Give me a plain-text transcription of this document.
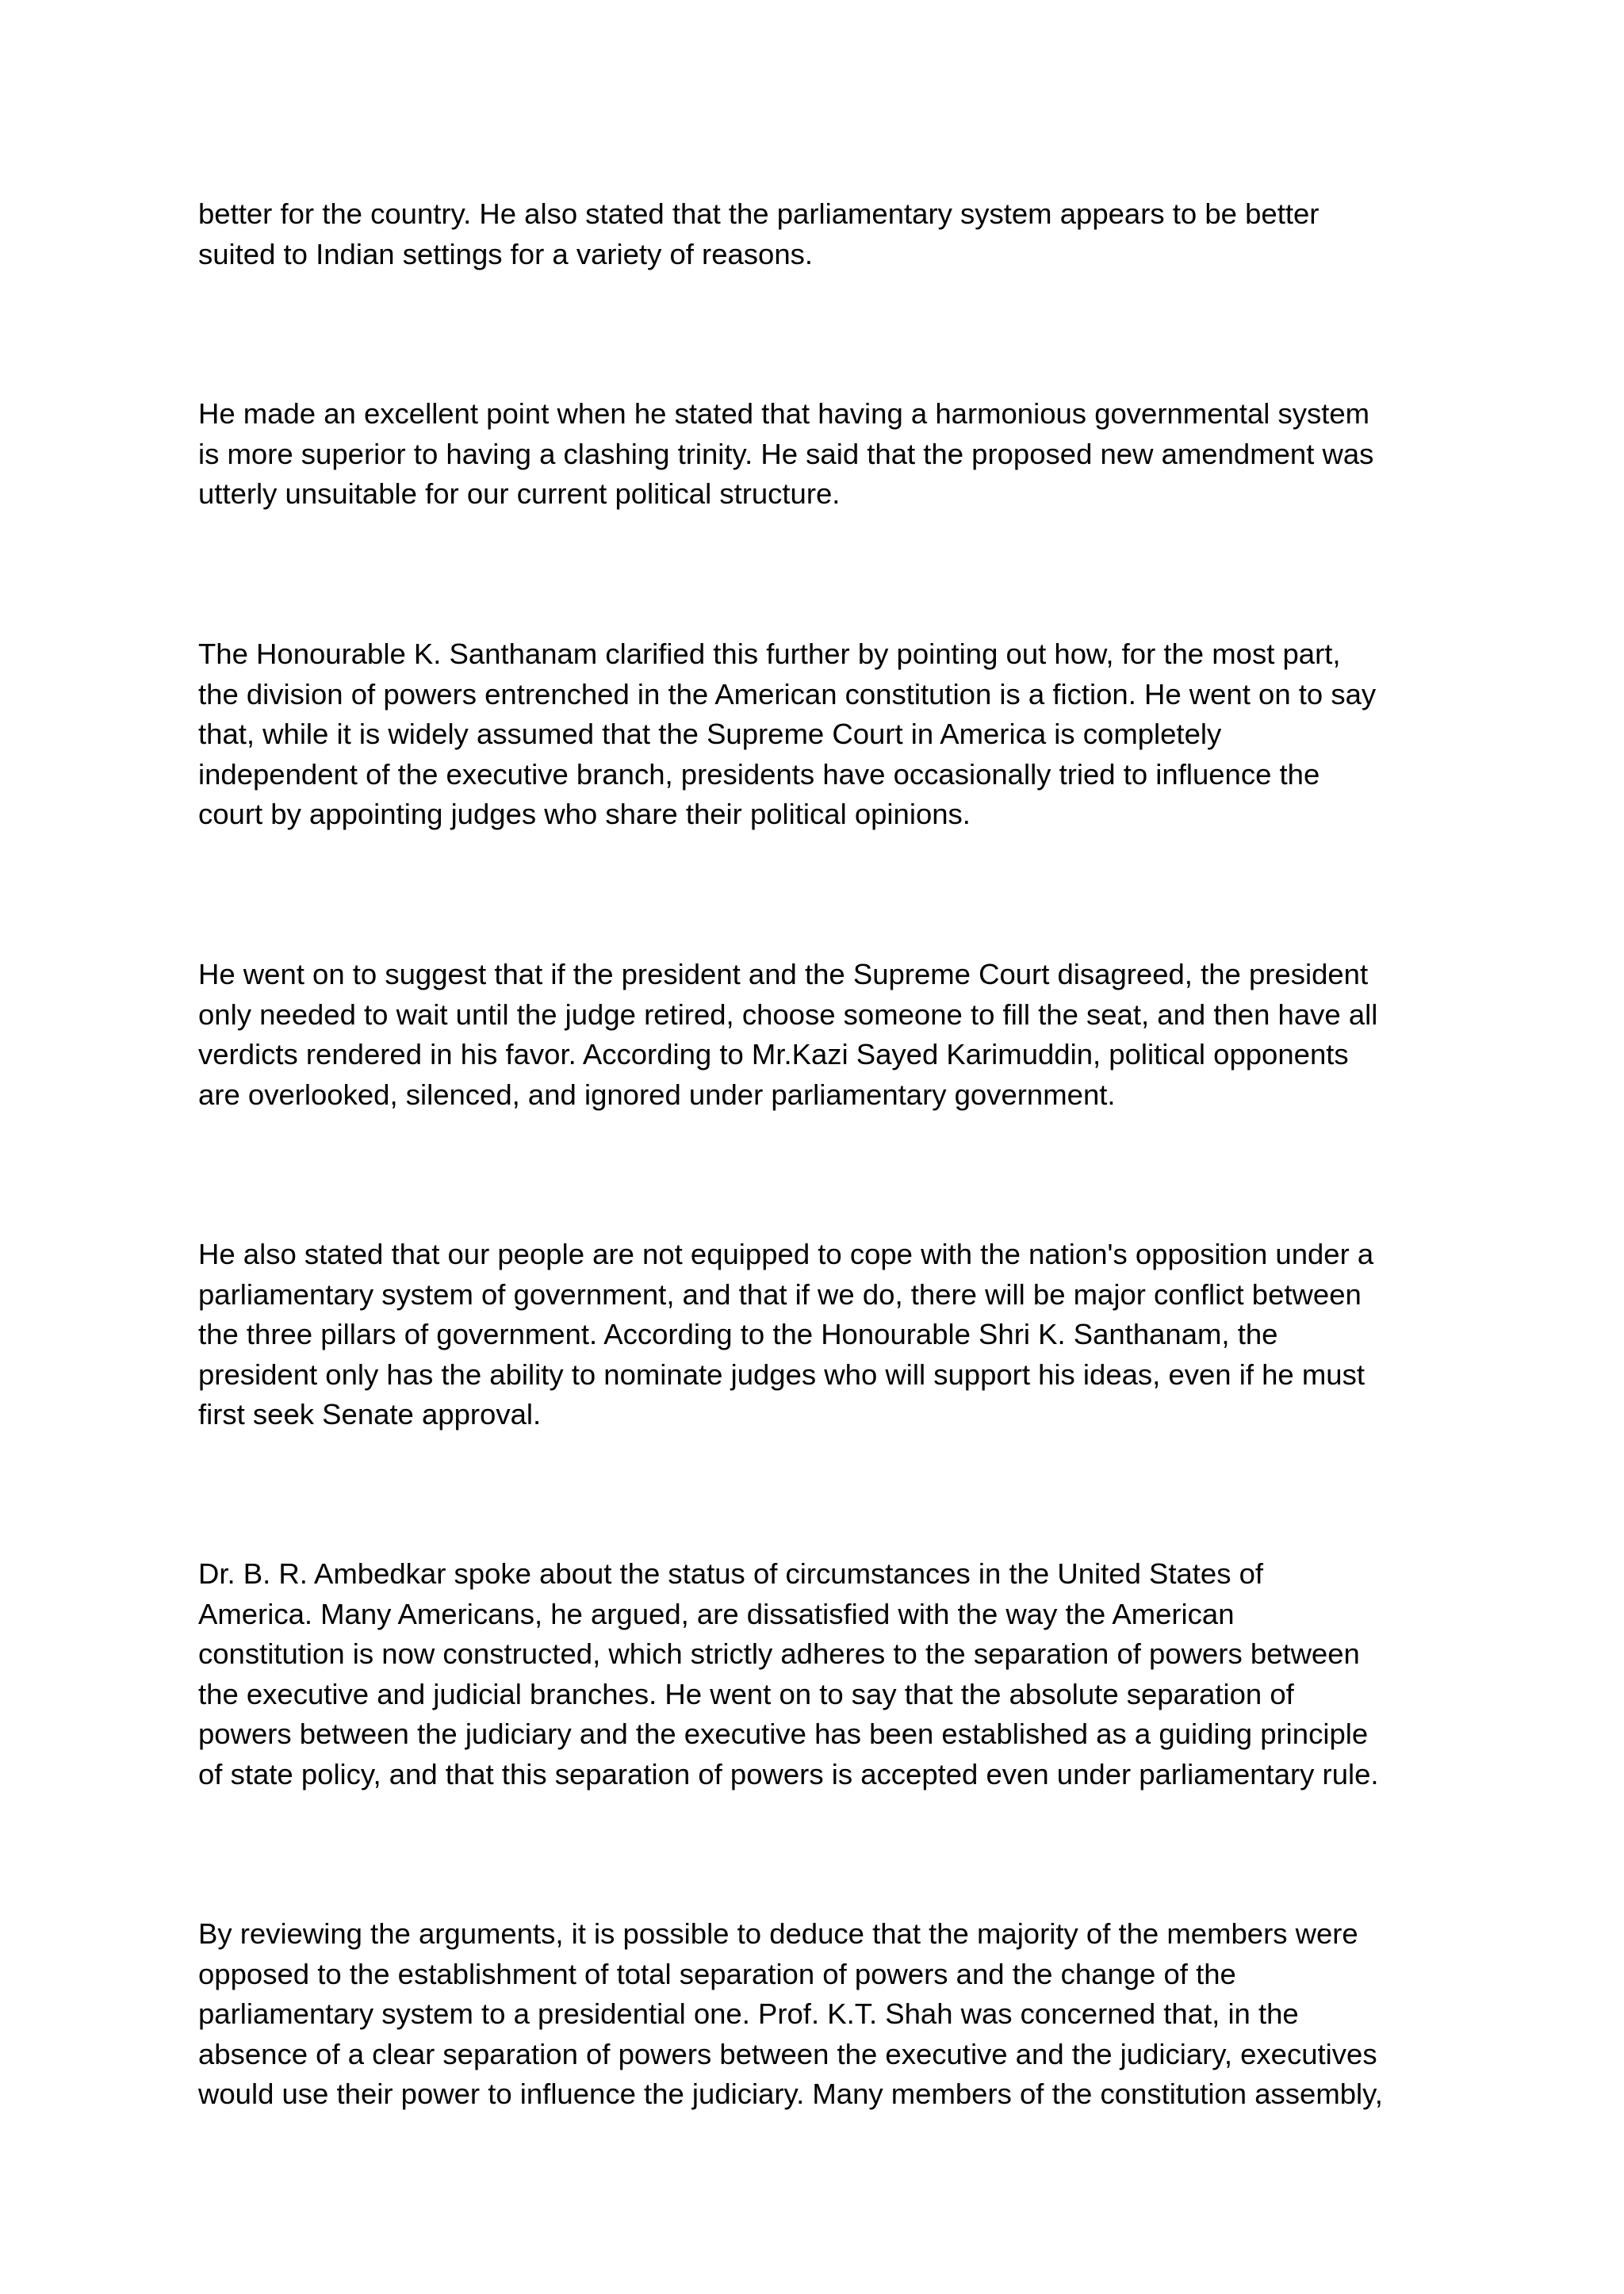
better for the country. He also stated that the parliamentary system appears to be better
suited to Indian settings for a variety of reasons.

He made an excellent point when he stated that having a harmonious governmental system
is more superior to having a clashing trinity. He said that the proposed new amendment was
utterly unsuitable for our current political structure.

The Honourable K. Santhanam clarified this further by pointing out how, for the most part,
the division of powers entrenched in the American constitution is a fiction. He went on to say
that, while it is widely assumed that the Supreme Court in America is completely
independent of the executive branch, presidents have occasionally tried to influence the
court by appointing judges who share their political opinions.

He went on to suggest that if the president and the Supreme Court disagreed, the president
only needed to wait until the judge retired, choose someone to fill the seat, and then have all
verdicts rendered in his favor. According to Mr.Kazi Sayed Karimuddin, political opponents
are overlooked, silenced, and ignored under parliamentary government.

He also stated that our people are not equipped to cope with the nation's opposition under a
parliamentary system of government, and that if we do, there will be major conflict between
the three pillars of government. According to the Honourable Shri K. Santhanam, the
president only has the ability to nominate judges who will support his ideas, even if he must
first seek Senate approval.

Dr. B. R. Ambedkar spoke about the status of circumstances in the United States of
America. Many Americans, he argued, are dissatisfied with the way the American
constitution is now constructed, which strictly adheres to the separation of powers between
the executive and judicial branches. He went on to say that the absolute separation of
powers between the judiciary and the executive has been established as a guiding principle
of state policy, and that this separation of powers is accepted even under parliamentary rule.

By reviewing the arguments, it is possible to deduce that the majority of the members were
opposed to the establishment of total separation of powers and the change of the
parliamentary system to a presidential one. Prof. K.T. Shah was concerned that, in the
absence of a clear separation of powers between the executive and the judiciary, executives
would use their power to influence the judiciary. Many members of the constitution assembly,
